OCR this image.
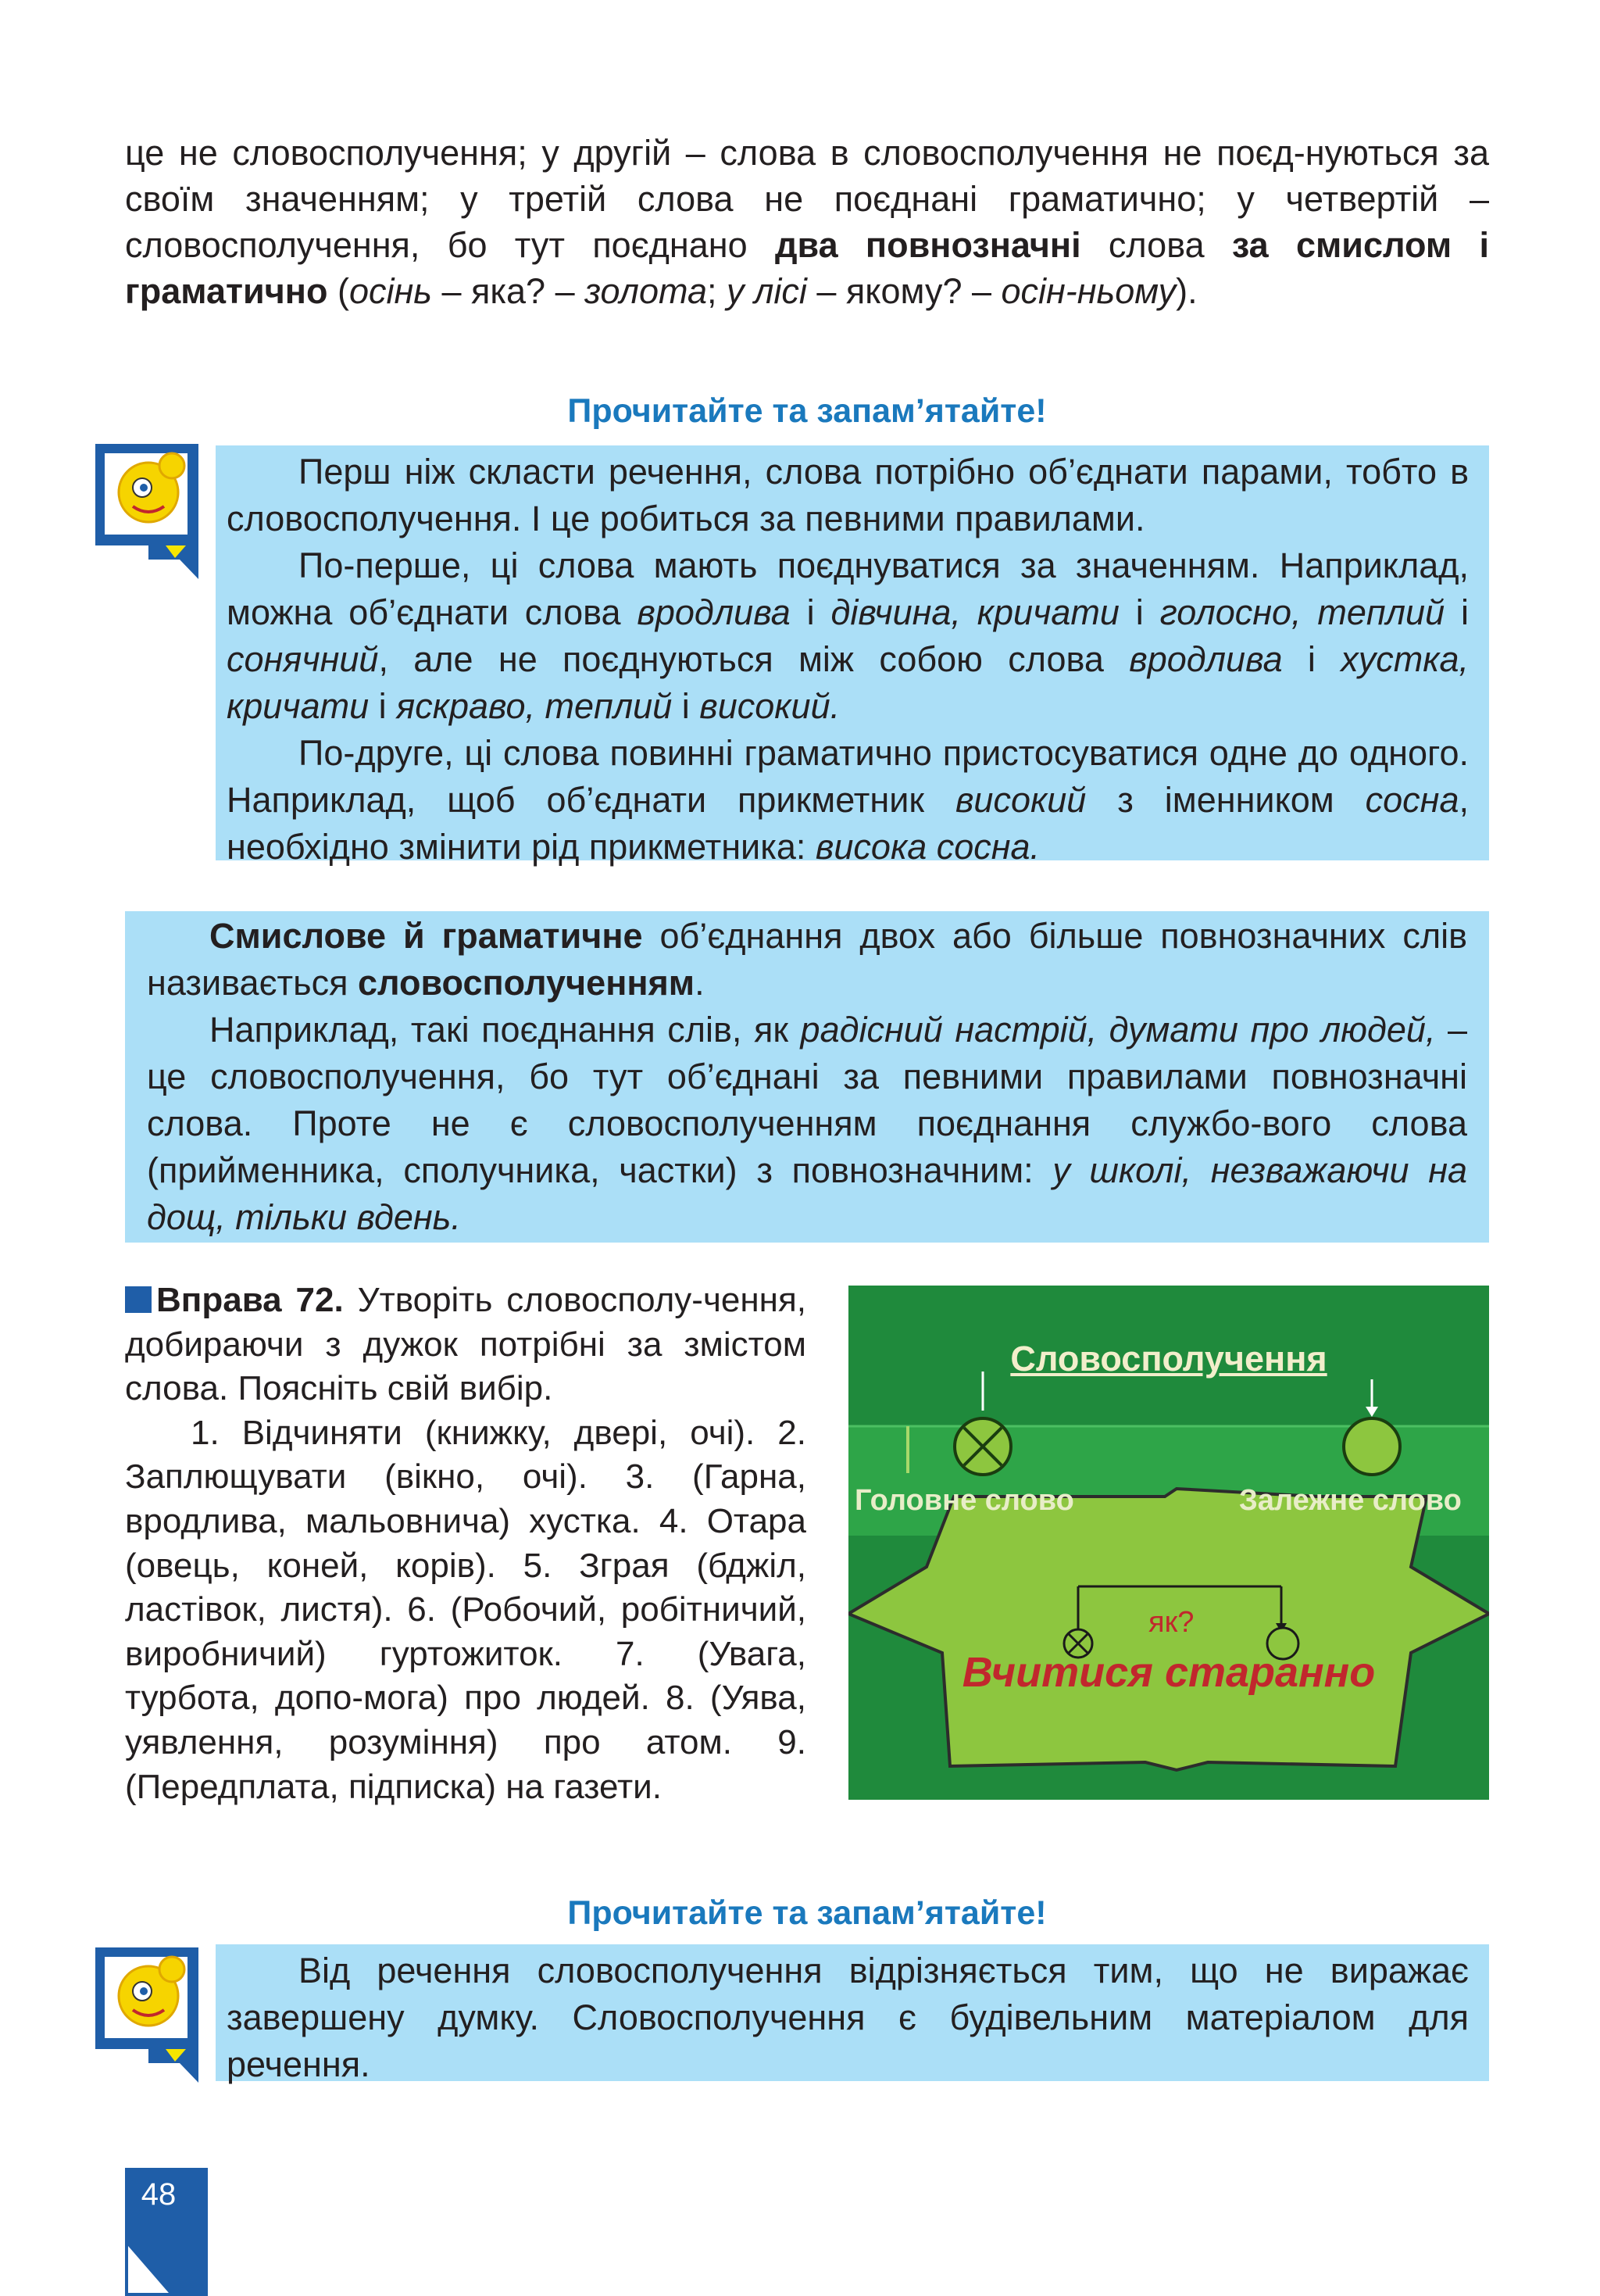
це не словосполучення; у другій – слова в словосполучення не поєд-нуються за своїм значенням; у третій слова не поєднані граматично; у четвертій – словосполучення, бо тут поєднано два повнозначні слова за смислом і граматично (осінь – яка? – золота; у лісі – якому? – осін-ньому).
Прочитайте та запам’ятайте!

Перш ніж скласти речення, слова потрібно об’єднати парами, тобто в словосполучення. І це робиться за певними правилами.

По-перше, ці слова мають поєднуватися за значенням. Наприклад, можна об’єднати слова вродлива і дівчина, кричати і голосно, теплий і сонячний, але не поєднуються між собою слова вродлива і хустка, кричати і яскраво, теплий і високий.

По-друге, ці слова повинні граматично пристосуватися одне до одного. Наприклад, щоб об’єднати прикметник високий з іменником сосна, необхідно змінити рід прикметника: висока сосна.

Смислове й граматичне об’єднання двох або більше повнозначних слів називається словосполученням.

Наприклад, такі поєднання слів, як радісний настрій, думати про людей, – це словосполучення, бо тут об’єднані за певними правилами повнозначні слова. Проте не є словосполученням поєднання службо-вого слова (прийменника, сполучника, частки) з повнозначним: у школі, незважаючи на дощ, тільки вдень.

Вправа 72. Утворіть словосполу-чення, добираючи з дужок потрібні за змістом слова. Поясніть свій вибір.

1. Відчиняти (книжку, двері, очі). 2. Заплющувати (вікно, очі). 3. (Гарна, вродлива, мальовнича) хустка. 4. Отара (овець, коней, корів). 5. Зграя (бджіл, ластівок, листя). 6. (Робочий, робітничий, виробничий) гуртожиток. 7. (Увага, турбота, допо-мога) про людей. 8. (Уява, уявлення, розуміння) про атом. 9. (Передплата, підписка) на газети.

Словосполучення
Головне слово	Залежне слово
як?
Вчитися старанно
Прочитайте та запам’ятайте!

Від речення словосполучення відрізняється тим, що не виражає завершену думку. Словосполучення є будівельним матеріалом для речення.

48
